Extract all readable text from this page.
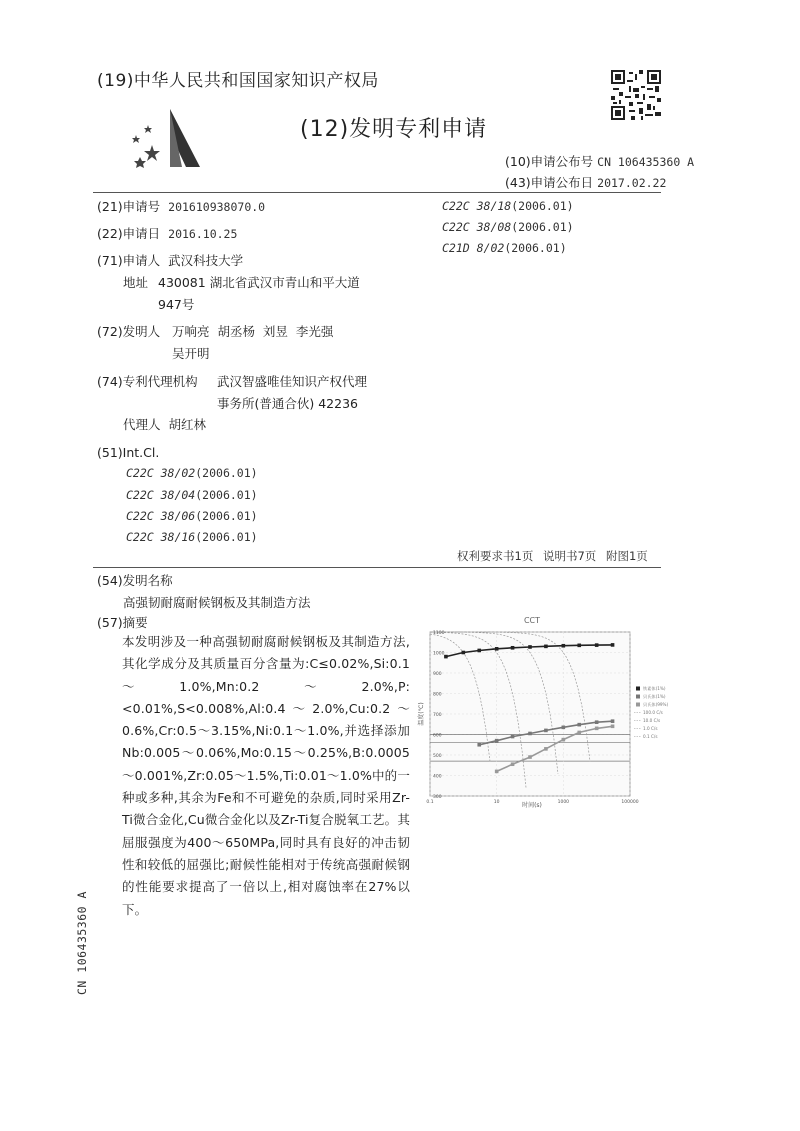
(19)中华人民共和国国家知识产权局
(12)发明专利申请
(10)申请公布号 CN 106435360 A
(43)申请公布日 2017.02.22
(21)申请号 201610938070.0
(22)申请日 2016.10.25
(71)申请人 武汉科技大学
地址 430081 湖北省武汉市青山和平大道
947号
(72)发明人 万响亮  胡丞杨  刘昱  李光强
吴开明
(74)专利代理机构 武汉智盛唯佳知识产权代理
事务所(普通合伙) 42236
代理人 胡红林
(51)Int.Cl.
C22C 38/02(2006.01)
C22C 38/04(2006.01)
C22C 38/06(2006.01)
C22C 38/16(2006.01)
C22C 38/18(2006.01)
C22C 38/08(2006.01)
C21D 8/02(2006.01)
权利要求书1页 说明书7页 附图1页
(54)发明名称
高强韧耐腐耐候钢板及其制造方法
(57)摘要
本发明涉及一种高强韧耐腐耐候钢板及其制造方法,其化学成分及其质量百分含量为:C≤0.02%,Si:0.1～1.0%,Mn:0.2～2.0%,P:<0.01%,S<0.008%,Al:0.4～2.0%,Cu:0.2～0.6%,Cr:0.5～3.15%,Ni:0.1～1.0%,并选择添加Nb:0.005～0.06%,Mo:0.15～0.25%,B:0.0005～0.001%,Zr:0.05～1.5%,Ti:0.01～1.0%中的一种或多种,其余为Fe和不可避免的杂质,同时采用Zr-Ti微合金化,Cu微合金化以及Zr-Ti复合脱氧工艺。其屈服强度为400～650MPa,同时具有良好的冲击韧性和较低的屈强比;耐候性能相对于传统高强耐候钢的性能要求提高了一倍以上,相对腐蚀率在27%以下。
CCT
1100
1000
900
800
700
600
500
400
300
0.1	10	1000	100000
时间(s)
温度(℃)
铁素体(1%)
贝氏体(1%)
贝氏体(99%)
100.0 C/s
10.0 C/s
1.0 C/s
0.1 C/s
CN 106435360 A
